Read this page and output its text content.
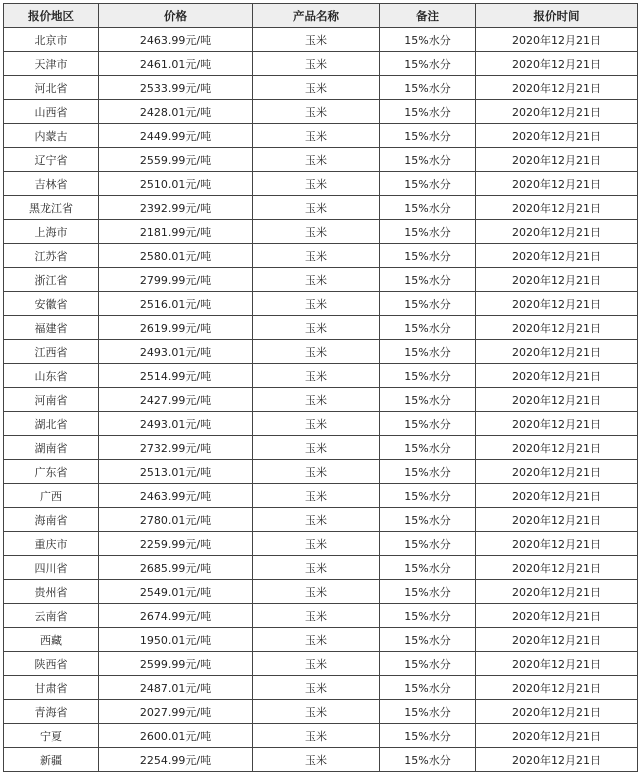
报价地区	价格	产品名称	备注	报价时间
北京市	2463.99元/吨	玉米	15%水分	2020年12月21日
天津市	2461.01元/吨	玉米	15%水分	2020年12月21日
河北省	2533.99元/吨	玉米	15%水分	2020年12月21日
山西省	2428.01元/吨	玉米	15%水分	2020年12月21日
内蒙古	2449.99元/吨	玉米	15%水分	2020年12月21日
辽宁省	2559.99元/吨	玉米	15%水分	2020年12月21日
吉林省	2510.01元/吨	玉米	15%水分	2020年12月21日
黑龙江省	2392.99元/吨	玉米	15%水分	2020年12月21日
上海市	2181.99元/吨	玉米	15%水分	2020年12月21日
江苏省	2580.01元/吨	玉米	15%水分	2020年12月21日
浙江省	2799.99元/吨	玉米	15%水分	2020年12月21日
安徽省	2516.01元/吨	玉米	15%水分	2020年12月21日
福建省	2619.99元/吨	玉米	15%水分	2020年12月21日
江西省	2493.01元/吨	玉米	15%水分	2020年12月21日
山东省	2514.99元/吨	玉米	15%水分	2020年12月21日
河南省	2427.99元/吨	玉米	15%水分	2020年12月21日
湖北省	2493.01元/吨	玉米	15%水分	2020年12月21日
湖南省	2732.99元/吨	玉米	15%水分	2020年12月21日
广东省	2513.01元/吨	玉米	15%水分	2020年12月21日
广西	2463.99元/吨	玉米	15%水分	2020年12月21日
海南省	2780.01元/吨	玉米	15%水分	2020年12月21日
重庆市	2259.99元/吨	玉米	15%水分	2020年12月21日
四川省	2685.99元/吨	玉米	15%水分	2020年12月21日
贵州省	2549.01元/吨	玉米	15%水分	2020年12月21日
云南省	2674.99元/吨	玉米	15%水分	2020年12月21日
西藏	1950.01元/吨	玉米	15%水分	2020年12月21日
陕西省	2599.99元/吨	玉米	15%水分	2020年12月21日
甘肃省	2487.01元/吨	玉米	15%水分	2020年12月21日
青海省	2027.99元/吨	玉米	15%水分	2020年12月21日
宁夏	2600.01元/吨	玉米	15%水分	2020年12月21日
新疆	2254.99元/吨	玉米	15%水分	2020年12月21日
